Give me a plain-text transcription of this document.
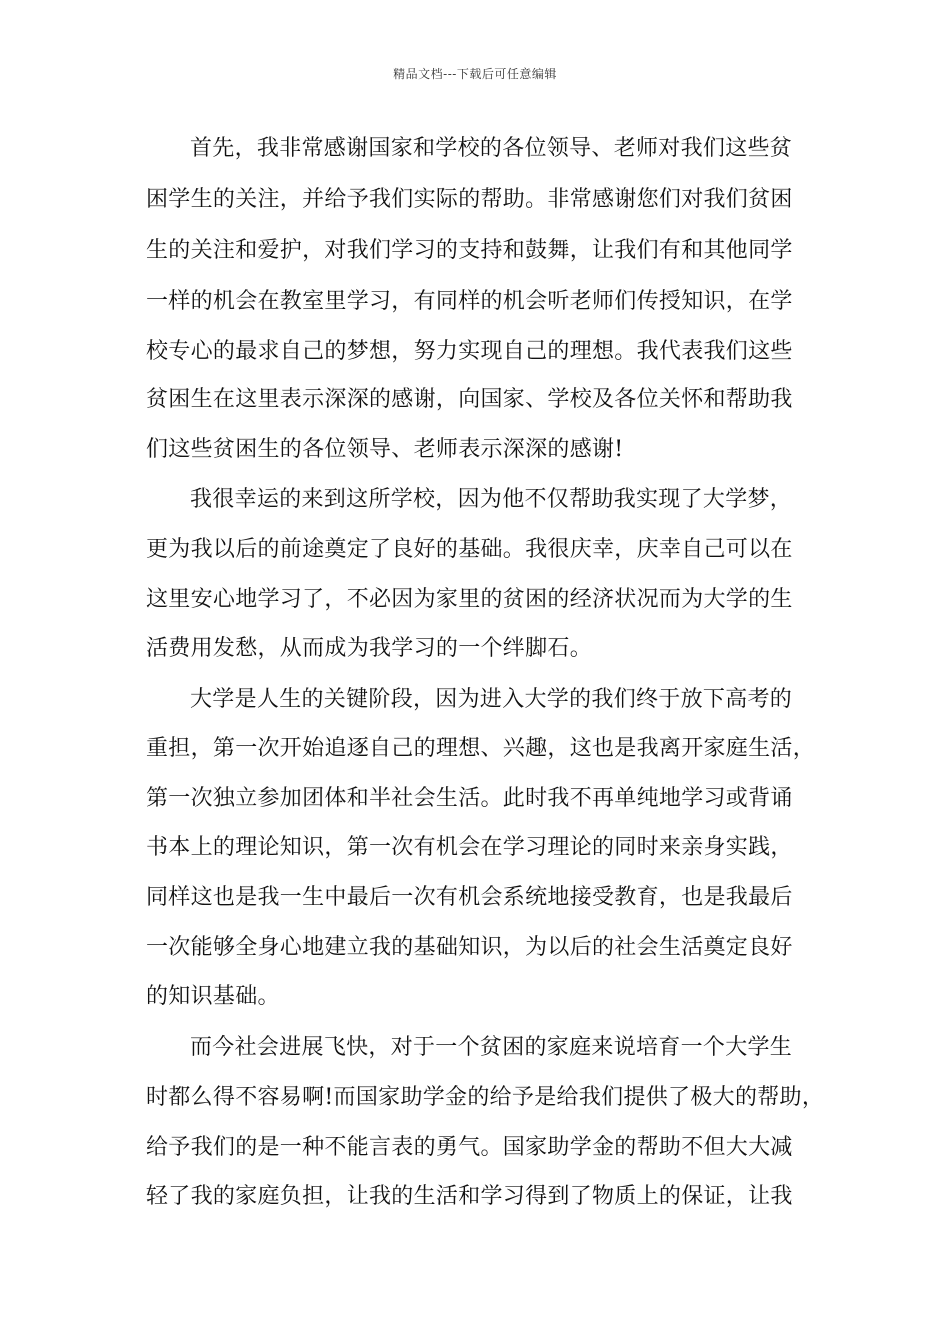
精品文档---下载后可任意编辑
首先，我非常感谢国家和学校的各位领导、老师对我们这些贫
困学生的关注，并给予我们实际的帮助。非常感谢您们对我们贫困
生的关注和爱护，对我们学习的支持和鼓舞，让我们有和其他同学
一样的机会在教室里学习，有同样的机会听老师们传授知识，在学
校专心的最求自己的梦想，努力实现自己的理想。我代表我们这些
贫困生在这里表示深深的感谢，向国家、学校及各位关怀和帮助我
们这些贫困生的各位领导、老师表示深深的感谢!
我很幸运的来到这所学校，因为他不仅帮助我实现了大学梦，
更为我以后的前途奠定了良好的基础。我很庆幸，庆幸自己可以在
这里安心地学习了，不必因为家里的贫困的经济状况而为大学的生
活费用发愁，从而成为我学习的一个绊脚石。
大学是人生的关键阶段，因为进入大学的我们终于放下高考的
重担，第一次开始追逐自己的理想、兴趣，这也是我离开家庭生活，
第一次独立参加团体和半社会生活。此时我不再单纯地学习或背诵
书本上的理论知识，第一次有机会在学习理论的同时来亲身实践，
同样这也是我一生中最后一次有机会系统地接受教育，也是我最后
一次能够全身心地建立我的基础知识，为以后的社会生活奠定良好
的知识基础。
而今社会进展飞快，对于一个贫困的家庭来说培育一个大学生
时都么得不容易啊!而国家助学金的给予是给我们提供了极大的帮助，
给予我们的是一种不能言表的勇气。国家助学金的帮助不但大大减
轻了我的家庭负担，让我的生活和学习得到了物质上的保证，让我
